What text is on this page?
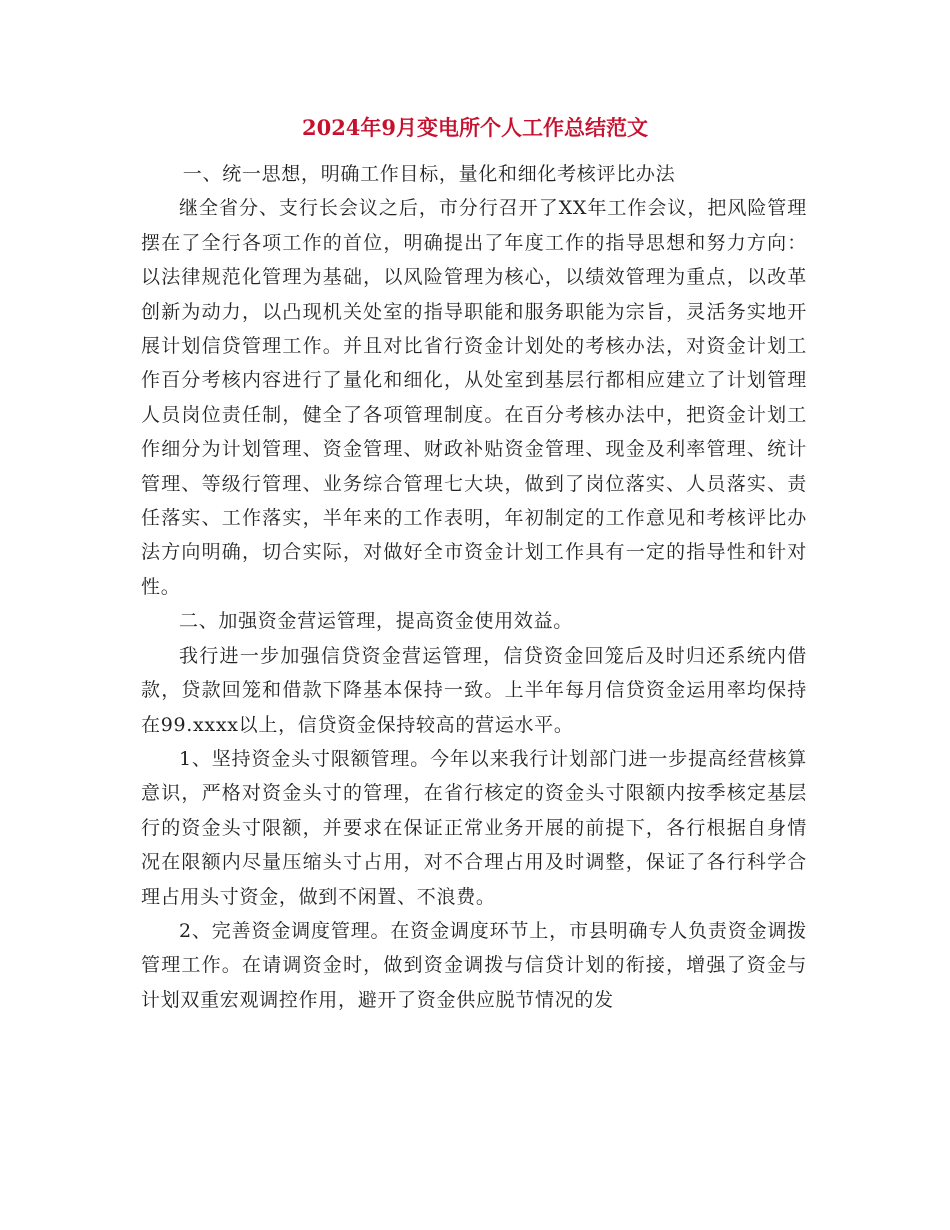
2024年9月变电所个人工作总结范文

一、统一思想，明确工作目标，量化和细化考核评比办法

继全省分、支行长会议之后，市分行召开了XX年工作会议，把风险管理摆在了全行各项工作的首位，明确提出了年度工作的指导思想和努力方向：以法律规范化管理为基础，以风险管理为核心，以绩效管理为重点，以改革创新为动力，以凸现机关处室的指导职能和服务职能为宗旨，灵活务实地开展计划信贷管理工作。并且对比省行资金计划处的考核办法，对资金计划工作百分考核内容进行了量化和细化，从处室到基层行都相应建立了计划管理人员岗位责任制，健全了各项管理制度。在百分考核办法中，把资金计划工作细分为计划管理、资金管理、财政补贴资金管理、现金及利率管理、统计管理、等级行管理、业务综合管理七大块，做到了岗位落实、人员落实、责任落实、工作落实，半年来的工作表明，年初制定的工作意见和考核评比办法方向明确，切合实际，对做好全市资金计划工作具有一定的指导性和针对性。

二、加强资金营运管理，提高资金使用效益。

我行进一步加强信贷资金营运管理，信贷资金回笼后及时归还系统内借款，贷款回笼和借款下降基本保持一致。上半年每月信贷资金运用率均保持在99.xxxx以上，信贷资金保持较高的营运水平。

1、坚持资金头寸限额管理。今年以来我行计划部门进一步提高经营核算意识，严格对资金头寸的管理，在省行核定的资金头寸限额内按季核定基层行的资金头寸限额，并要求在保证正常业务开展的前提下，各行根据自身情况在限额内尽量压缩头寸占用，对不合理占用及时调整，保证了各行科学合理占用头寸资金，做到不闲置、不浪费。

2、完善资金调度管理。在资金调度环节上，市县明确专人负责资金调拨管理工作。在请调资金时，做到资金调拨与信贷计划的衔接，增强了资金与计划双重宏观调控作用，避开了资金供应脱节情况的发
